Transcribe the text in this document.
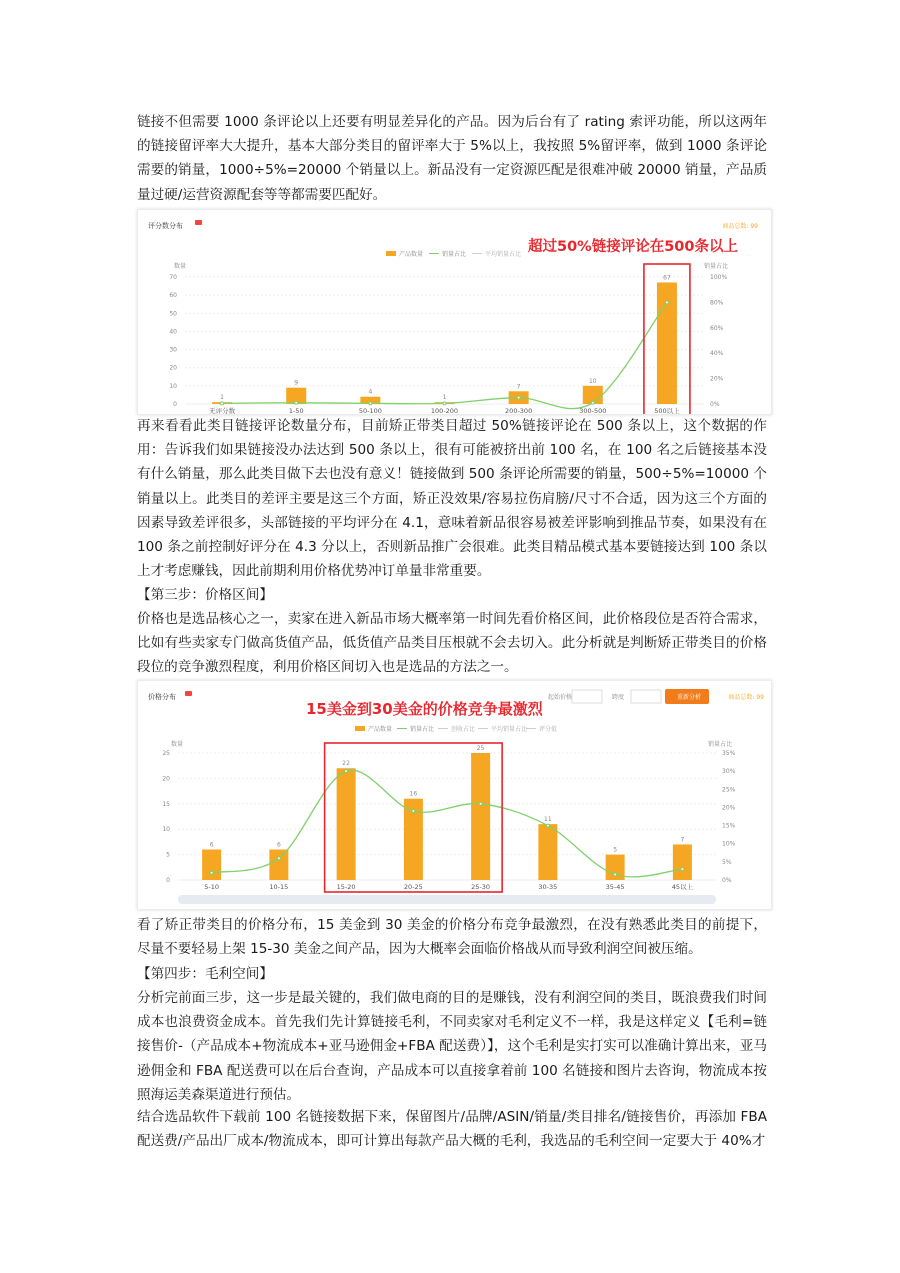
链接不但需要 1000 条评论以上还要有明显差异化的产品。因为后台有了 rating 索评功能，所以这两年的链接留评率大大提升，基本大部分类目的留评率大于 5%以上，我按照 5%留评率，做到 1000 条评论需要的销量，1000÷5%=20000 个销量以上。新品没有一定资源匹配是很难冲破 20000 销量，产品质量过硬/运营资源配套等等都需要匹配好。

评分数分布	商品总数: 99
超过50%链接评论在500条以上
产品数量	销量占比	平均销量占比
数量	销量占比
0
10
20
30
40
50
60
70
0%
20%
40%
60%
80%
100%
1
无评分数
9
1-50
4
50-100
1
100-200
7
200-300
10
300-500
67
500以上

再来看看此类目链接评论数量分布，目前矫正带类目超过 50%链接评论在 500 条以上，这个数据的作用：告诉我们如果链接没办法达到 500 条以上，很有可能被挤出前 100 名，在 100 名之后链接基本没有什么销量，那么此类目做下去也没有意义！链接做到 500 条评论所需要的销量，500÷5%=10000 个销量以上。此类目的差评主要是这三个方面，矫正没效果/容易拉伤肩膀/尺寸不合适，因为这三个方面的因素导致差评很多，头部链接的平均评分在 4.1，意味着新品很容易被差评影响到推品节奏，如果没有在 100 条之前控制好评分在 4.3 分以上，否则新品推广会很难。此类目精品模式基本要链接达到 100 条以上才考虑赚钱，因此前期利用价格优势冲订单量非常重要。

【第三步：价格区间】

价格也是选品核心之一，卖家在进入新品市场大概率第一时间先看价格区间，此价格段位是否符合需求，比如有些卖家专门做高货值产品，低货值产品类目压根就不会去切入。此分析就是判断矫正带类目的价格段位的竞争激烈程度，利用价格区间切入也是选品的方法之一。

价格分布	起始价格	跨度	重新分析	商品总数: 99
15美金到30美金的价格竞争最激烈
产品数量	销量占比	创收占比	平均销量占比 评分值
数量	销量占比
0
5
10
15
20
25
0%
5%
10%
15%
20%
25%
30%
35%
6
5-10
6
10-15
22
15-20
16
20-25
25
25-30
11
30-35
5
35-45
7
45以上

看了矫正带类目的价格分布，15 美金到 30 美金的价格分布竞争最激烈，在没有熟悉此类目的前提下，尽量不要轻易上架 15-30 美金之间产品，因为大概率会面临价格战从而导致利润空间被压缩。

【第四步：毛利空间】

分析完前面三步，这一步是最关键的，我们做电商的目的是赚钱，没有利润空间的类目，既浪费我们时间成本也浪费资金成本。首先我们先计算链接毛利，不同卖家对毛利定义不一样，我是这样定义【毛利=链接售价-（产品成本+物流成本+亚马逊佣金+FBA 配送费）】，这个毛利是实打实可以准确计算出来，亚马逊佣金和 FBA 配送费可以在后台查询，产品成本可以直接拿着前 100 名链接和图片去咨询，物流成本按照海运美森渠道进行预估。

结合选品软件下载前 100 名链接数据下来，保留图片/品牌/ASIN/销量/类目排名/链接售价，再添加 FBA 配送费/产品出厂成本/物流成本，即可计算出每款产品大概的毛利，我选品的毛利空间一定要大于 40%才
